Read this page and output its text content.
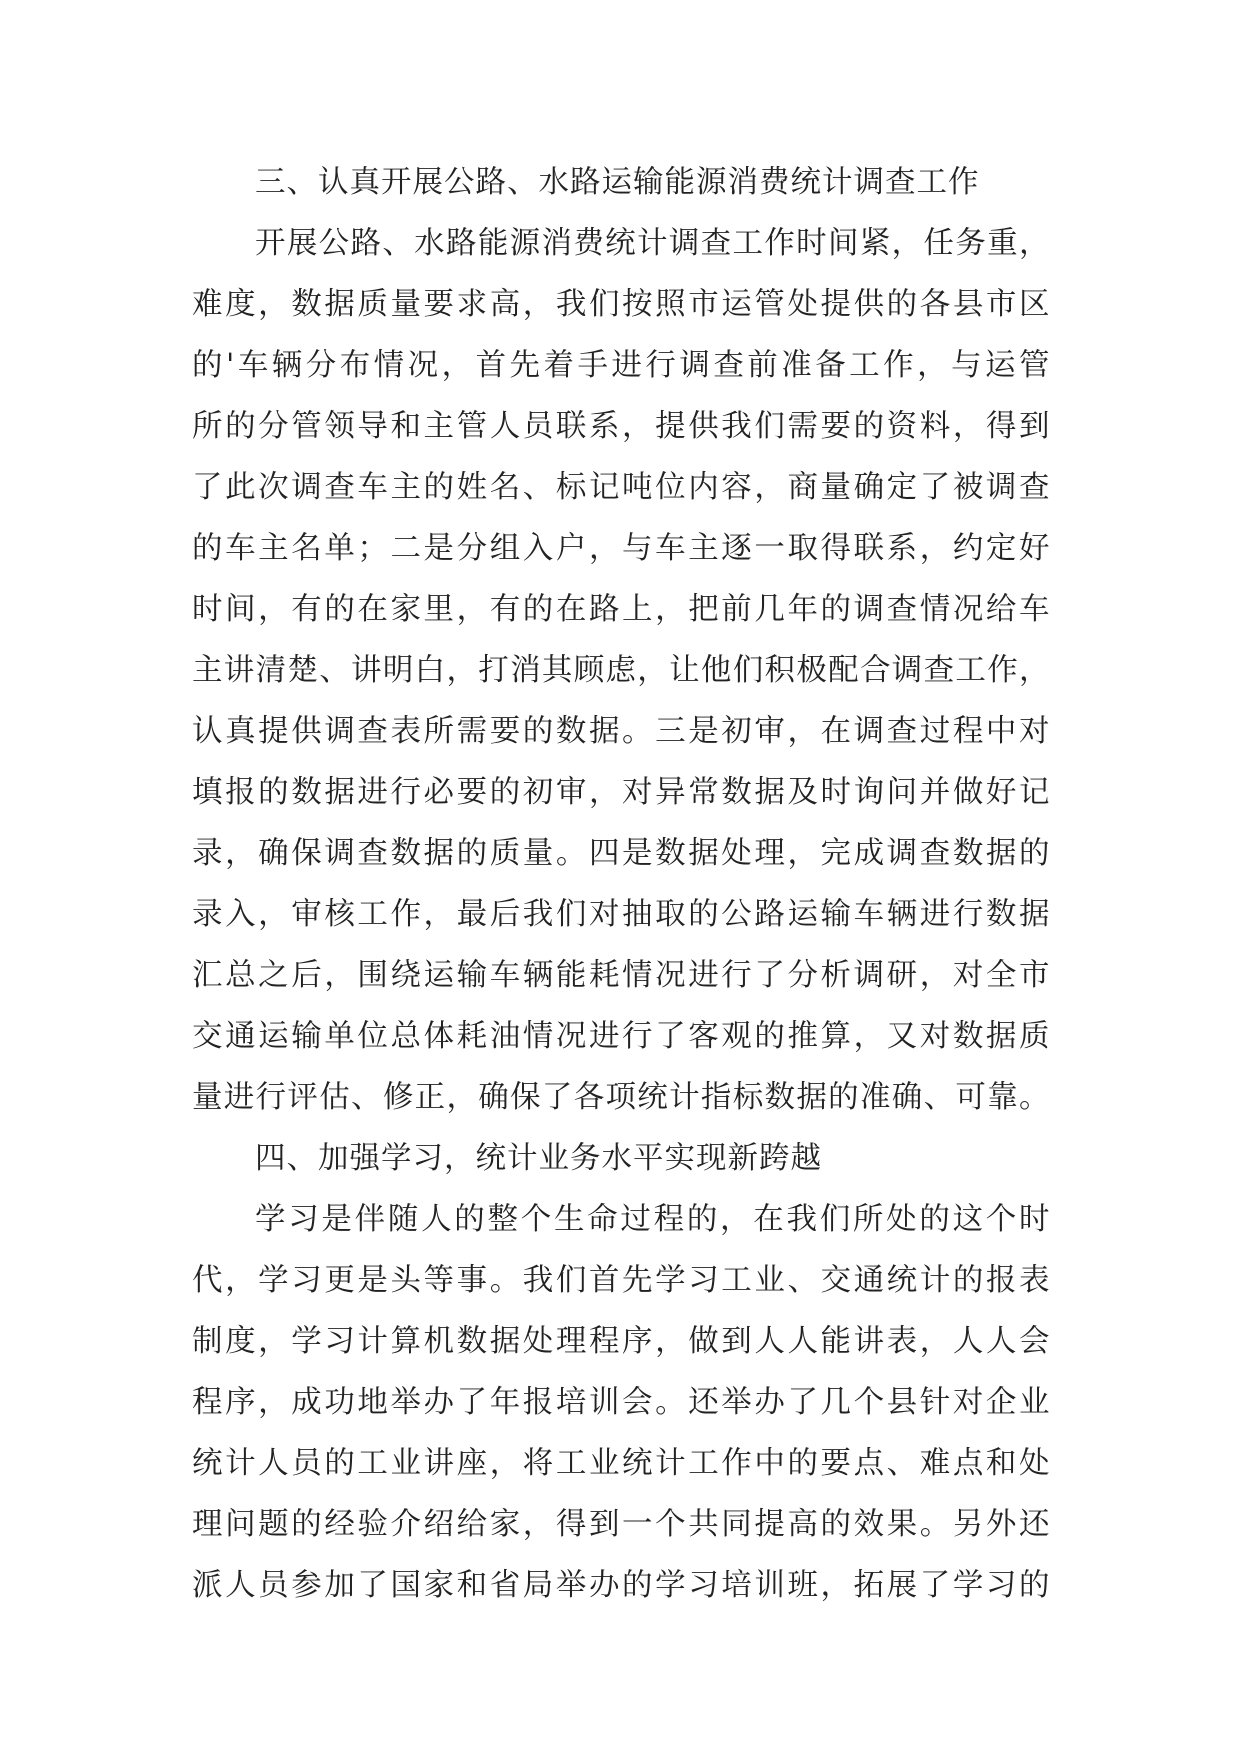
三、认真开展公路、水路运输能源消费统计调查工作
开展公路、水路能源消费统计调查工作时间紧，任务重，
难度，数据质量要求高，我们按照市运管处提供的各县市区
的'车辆分布情况，首先着手进行调查前准备工作，与运管
所的分管领导和主管人员联系，提供我们需要的资料，得到
了此次调查车主的姓名、标记吨位内容，商量确定了被调查
的车主名单；二是分组入户，与车主逐一取得联系，约定好
时间，有的在家里，有的在路上，把前几年的调查情况给车
主讲清楚、讲明白，打消其顾虑，让他们积极配合调查工作，
认真提供调查表所需要的数据。三是初审，在调查过程中对
填报的数据进行必要的初审，对异常数据及时询问并做好记
录，确保调查数据的质量。四是数据处理，完成调查数据的
录入，审核工作，最后我们对抽取的公路运输车辆进行数据
汇总之后，围绕运输车辆能耗情况进行了分析调研，对全市
交通运输单位总体耗油情况进行了客观的推算，又对数据质
量进行评估、修正，确保了各项统计指标数据的准确、可靠。
四、加强学习，统计业务水平实现新跨越
学习是伴随人的整个生命过程的，在我们所处的这个时
代，学习更是头等事。我们首先学习工业、交通统计的报表
制度，学习计算机数据处理程序，做到人人能讲表，人人会
程序，成功地举办了年报培训会。还举办了几个县针对企业
统计人员的工业讲座，将工业统计工作中的要点、难点和处
理问题的经验介绍给家，得到一个共同提高的效果。另外还
派人员参加了国家和省局举办的学习培训班，拓展了学习的
